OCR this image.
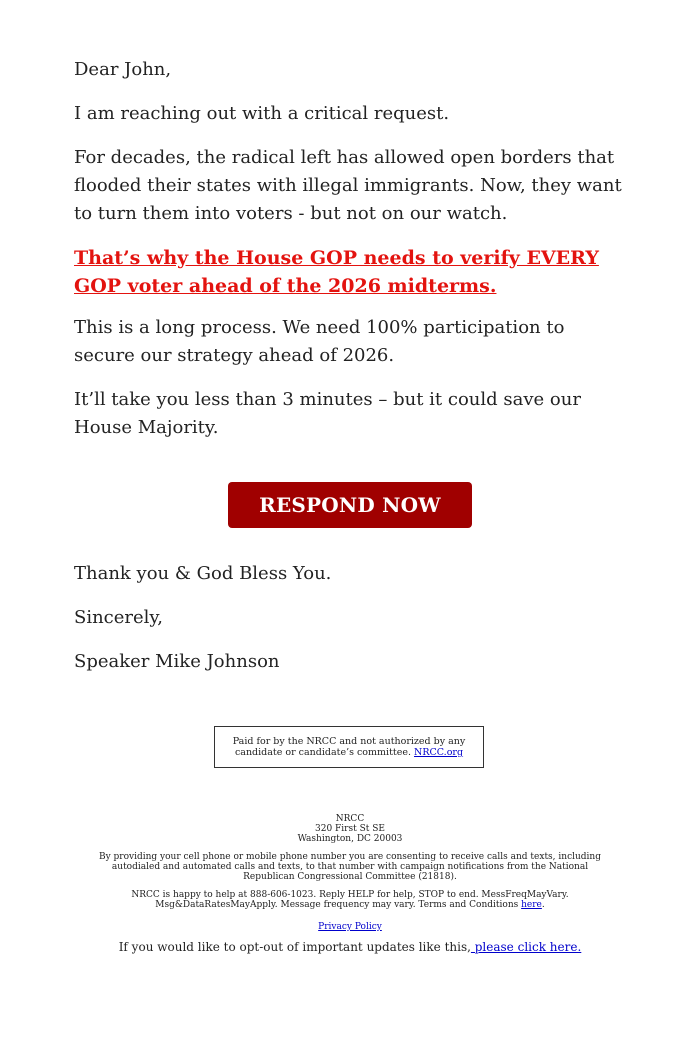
Dear John,

I am reaching out with a critical request.

For decades, the radical left has allowed open borders that flooded their states with illegal immigrants. Now, they want to turn them into voters - but not on our watch.

That’s why the House GOP needs to verify EVERY GOP voter ahead of the 2026 midterms.

This is a long process. We need 100% participation to secure our strategy ahead of 2026.

It’ll take you less than 3 minutes – but it could save our House Majority.

RESPOND NOW >>

Thank you & God Bless You.

Sincerely,

Speaker Mike Johnson

Paid for by the NRCC and not authorized by any candidate or candidate’s committee. NRCC.org

NRCC
320 First St SE
Washington, DC 20003

By providing your cell phone or mobile phone number you are consenting to receive calls and texts, including autodialed and automated calls and texts, to that number with campaign notifications from the National Republican Congressional Committee (21818).

NRCC is happy to help at 888-606-1023. Reply HELP for help, STOP to end. MessFreqMayVary. Msg&DataRatesMayApply. Message frequency may vary. Terms and Conditions here.

Privacy Policy

If you would like to opt-out of important updates like this, please click here.
